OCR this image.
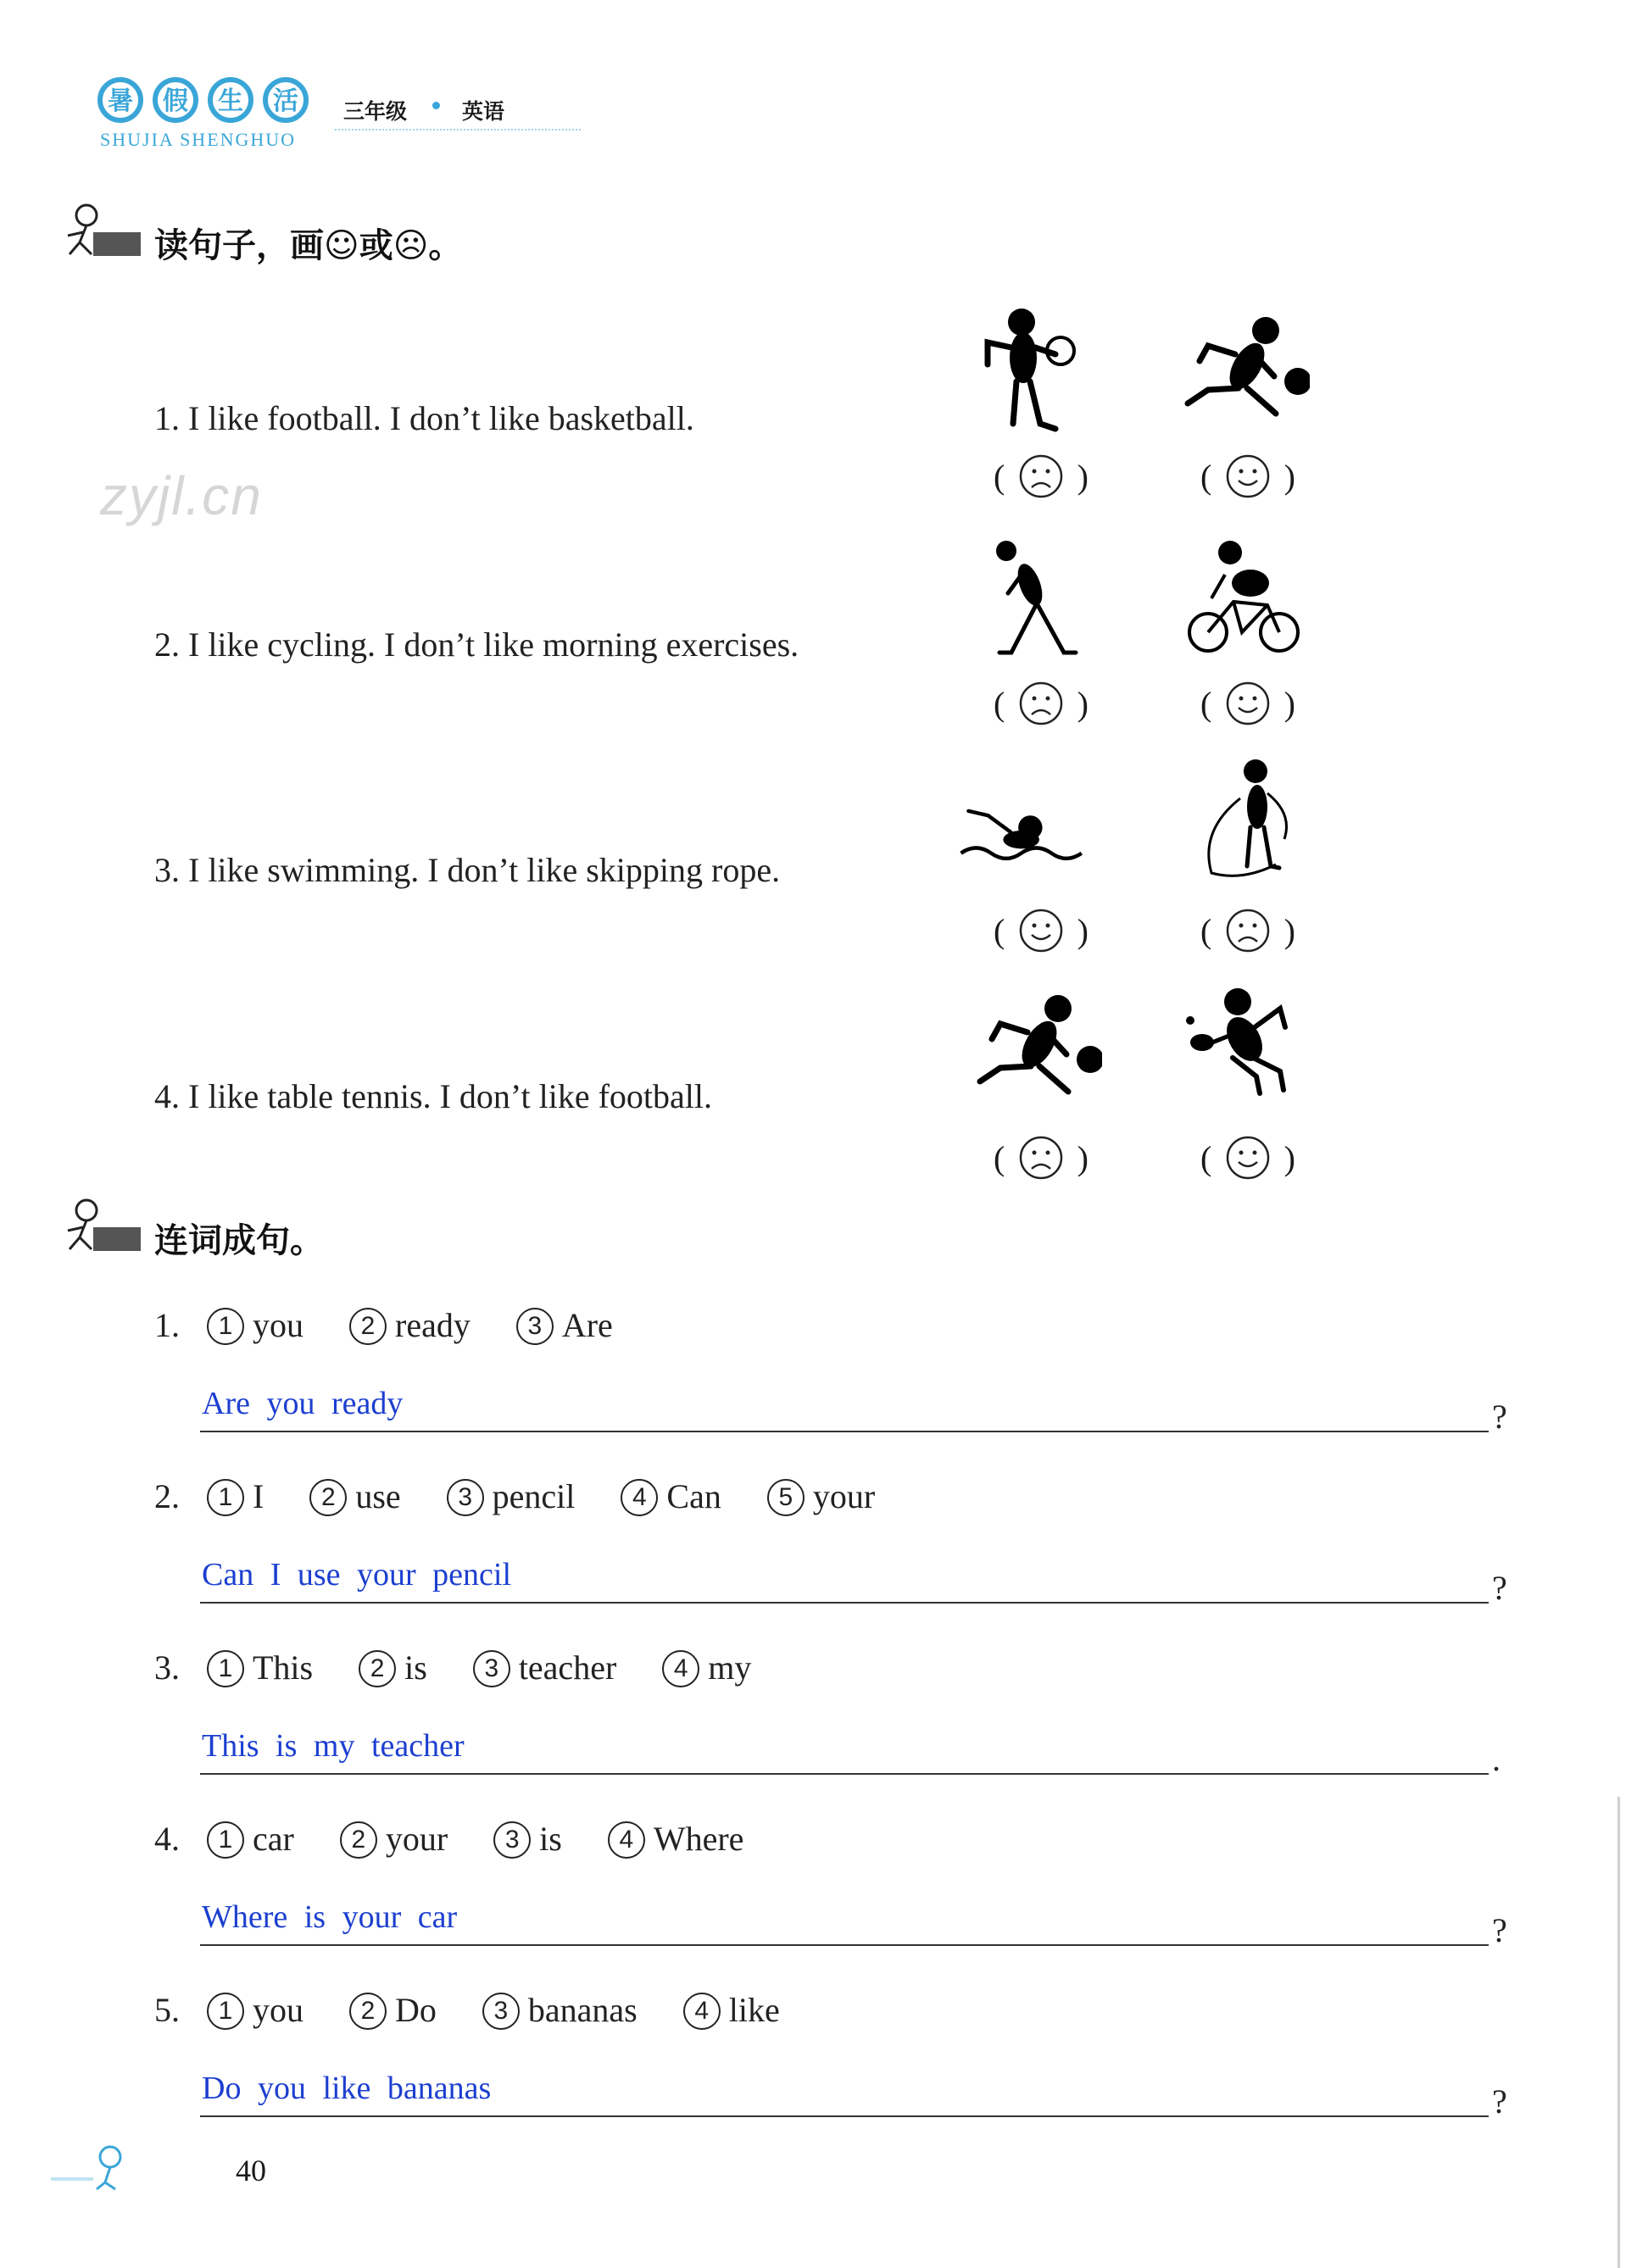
暑 假 生 活
SHUJIA SHENGHUO
三年级	英语
zyjl.cn
读句子，画☺或☹。
1. I like football. I don’t like basketball.
2. I like cycling. I don’t like morning exercises.
3. I like swimming. I don’t like skipping rope.
4. I like table tennis. I don’t like football.
( )	( )
( )	( )
( )	( )
( )	( )
连词成句。
1. 1 you 2 ready 3 Are
Are you ready	?
2. 1 I 2 use 3 pencil 4 Can 5 your
Can I use your pencil	?
3. 1 This 2 is 3 teacher 4 my
This is my teacher	.
4. 1 car 2 your 3 is 4 Where
Where is your car	?
5. 1 you 2 Do 3 bananas 4 like
Do you like bananas	?
40
